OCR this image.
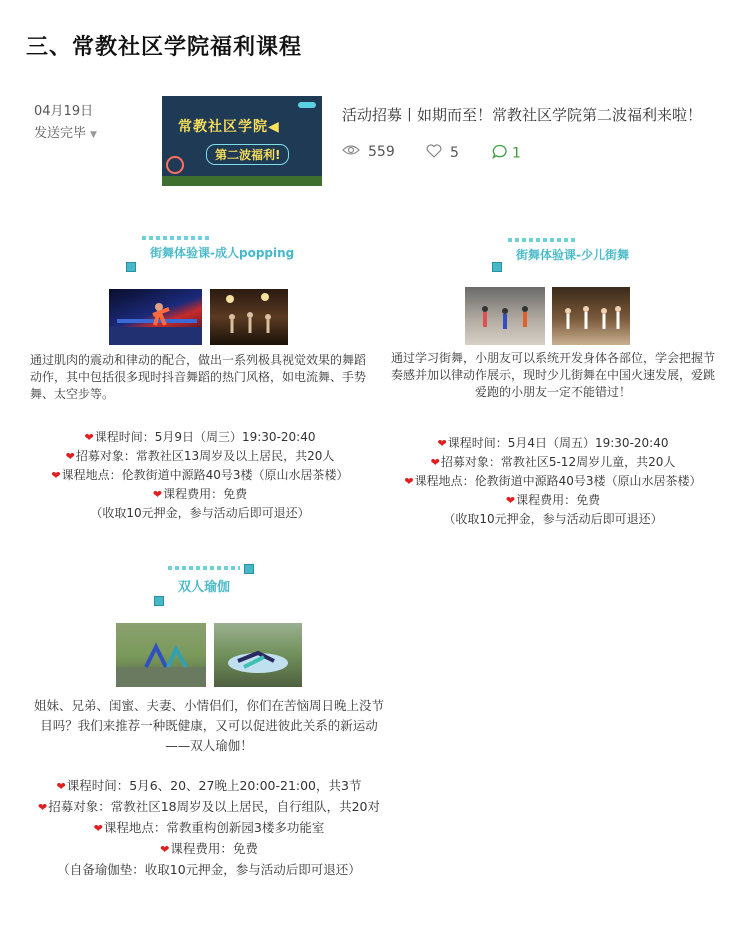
三、常教社区学院福利课程
04月19日
发送完毕 ▼	常教社区学院◀
第二波福利!
活动招募丨如期而至！常教社区学院第二波福利来啦！
559	5	1
街舞体验课-成人popping
通过肌肉的震动和律动的配合，做出一系列极具视觉效果的舞蹈动作，其中包括很多现时抖音舞蹈的热门风格，如电流舞、手势舞、太空步等。
❤课程时间：5月9日（周三）19:30-20:40
❤招募对象：常教社区13周岁及以上居民，共20人
❤课程地点：伦教街道中源路40号3楼（原山水居茶楼）
❤课程费用：免费
（收取10元押金，参与活动后即可退还）
街舞体验课-少儿街舞
通过学习街舞，小朋友可以系统开发身体各部位，学会把握节奏感并加以律动作展示，现时少儿街舞在中国火速发展，爱跳爱跑的小朋友一定不能错过！
❤课程时间：5月4日（周五）19:30-20:40
❤招募对象：常教社区5-12周岁儿童，共20人
❤课程地点：伦教街道中源路40号3楼（原山水居茶楼）
❤课程费用：免费
（收取10元押金，参与活动后即可退还）
双人瑜伽
姐妹、兄弟、闺蜜、夫妻、小情侣们，你们在苦恼周日晚上没节目吗？我们来推荐一种既健康，又可以促进彼此关系的新运动——双人瑜伽！
❤课程时间：5月6、20、27晚上20:00-21:00，共3节
❤招募对象：常教社区18周岁及以上居民，自行组队，共20对
❤课程地点：常教重构创新园3楼多功能室
❤课程费用：免费
（自备瑜伽垫：收取10元押金，参与活动后即可退还）
